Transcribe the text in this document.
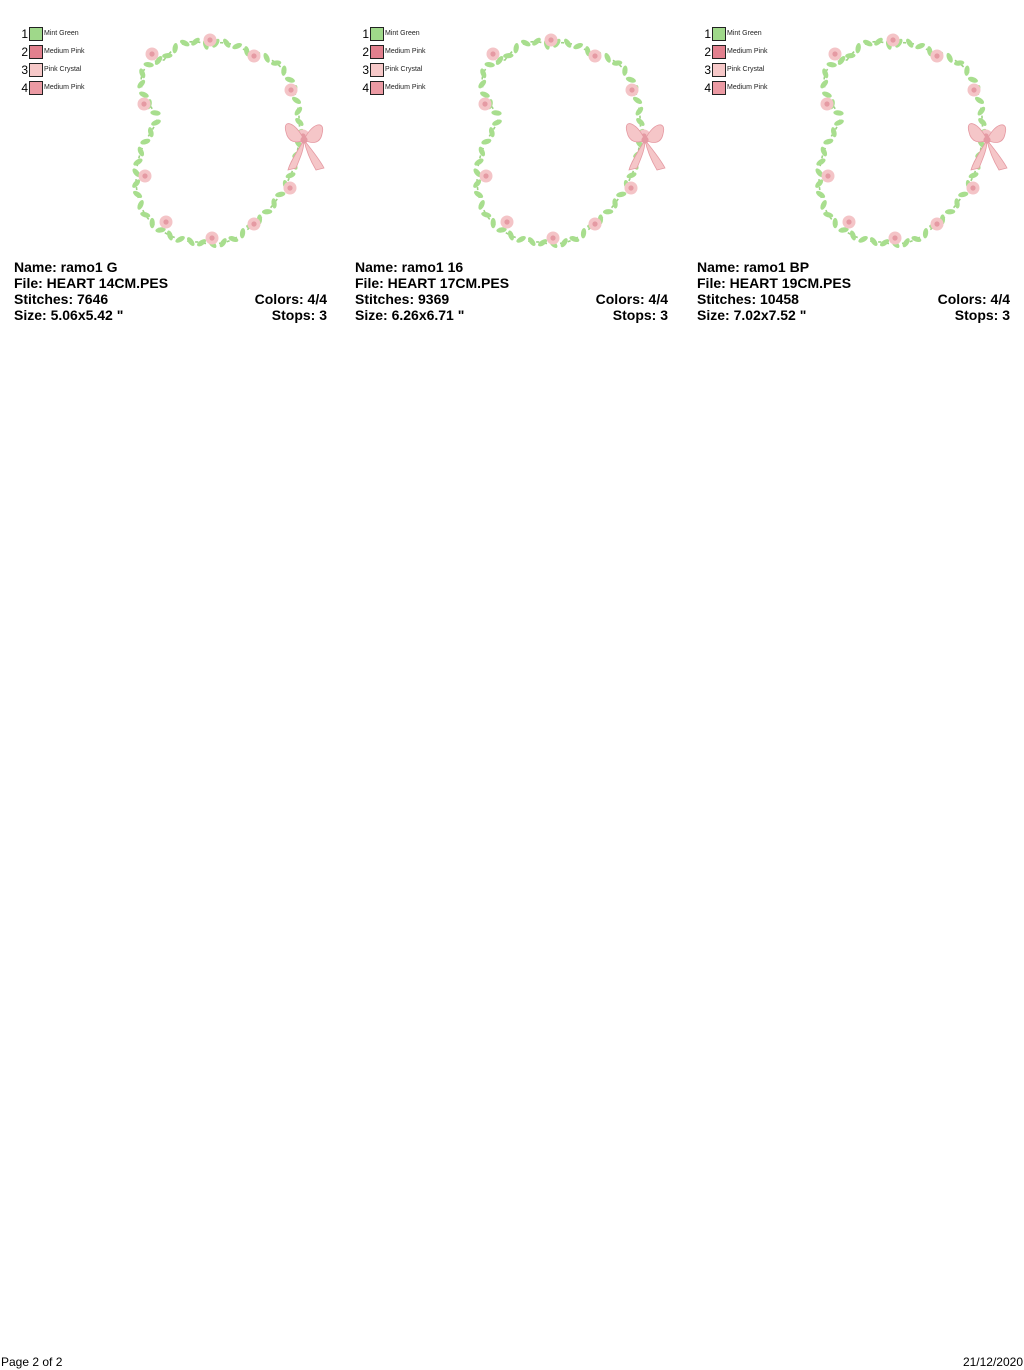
1 Mint Green
2 Medium Pink
3 Pink Crystal
4 Medium Pink
Name: ramo1 G
File: HEART 14CM.PES
Stitches: 7646	Colors: 4/4
Size: 5.06x5.42 "	Stops: 3
1 Mint Green
2 Medium Pink
3 Pink Crystal
4 Medium Pink
Name: ramo1 16
File: HEART 17CM.PES
Stitches: 9369	Colors: 4/4
Size: 6.26x6.71 "	Stops: 3
1 Mint Green
2 Medium Pink
3 Pink Crystal
4 Medium Pink
Name: ramo1 BP
File: HEART 19CM.PES
Stitches: 10458	Colors: 4/4
Size: 7.02x7.52 "	Stops: 3
Page 2 of 2	21/12/2020
